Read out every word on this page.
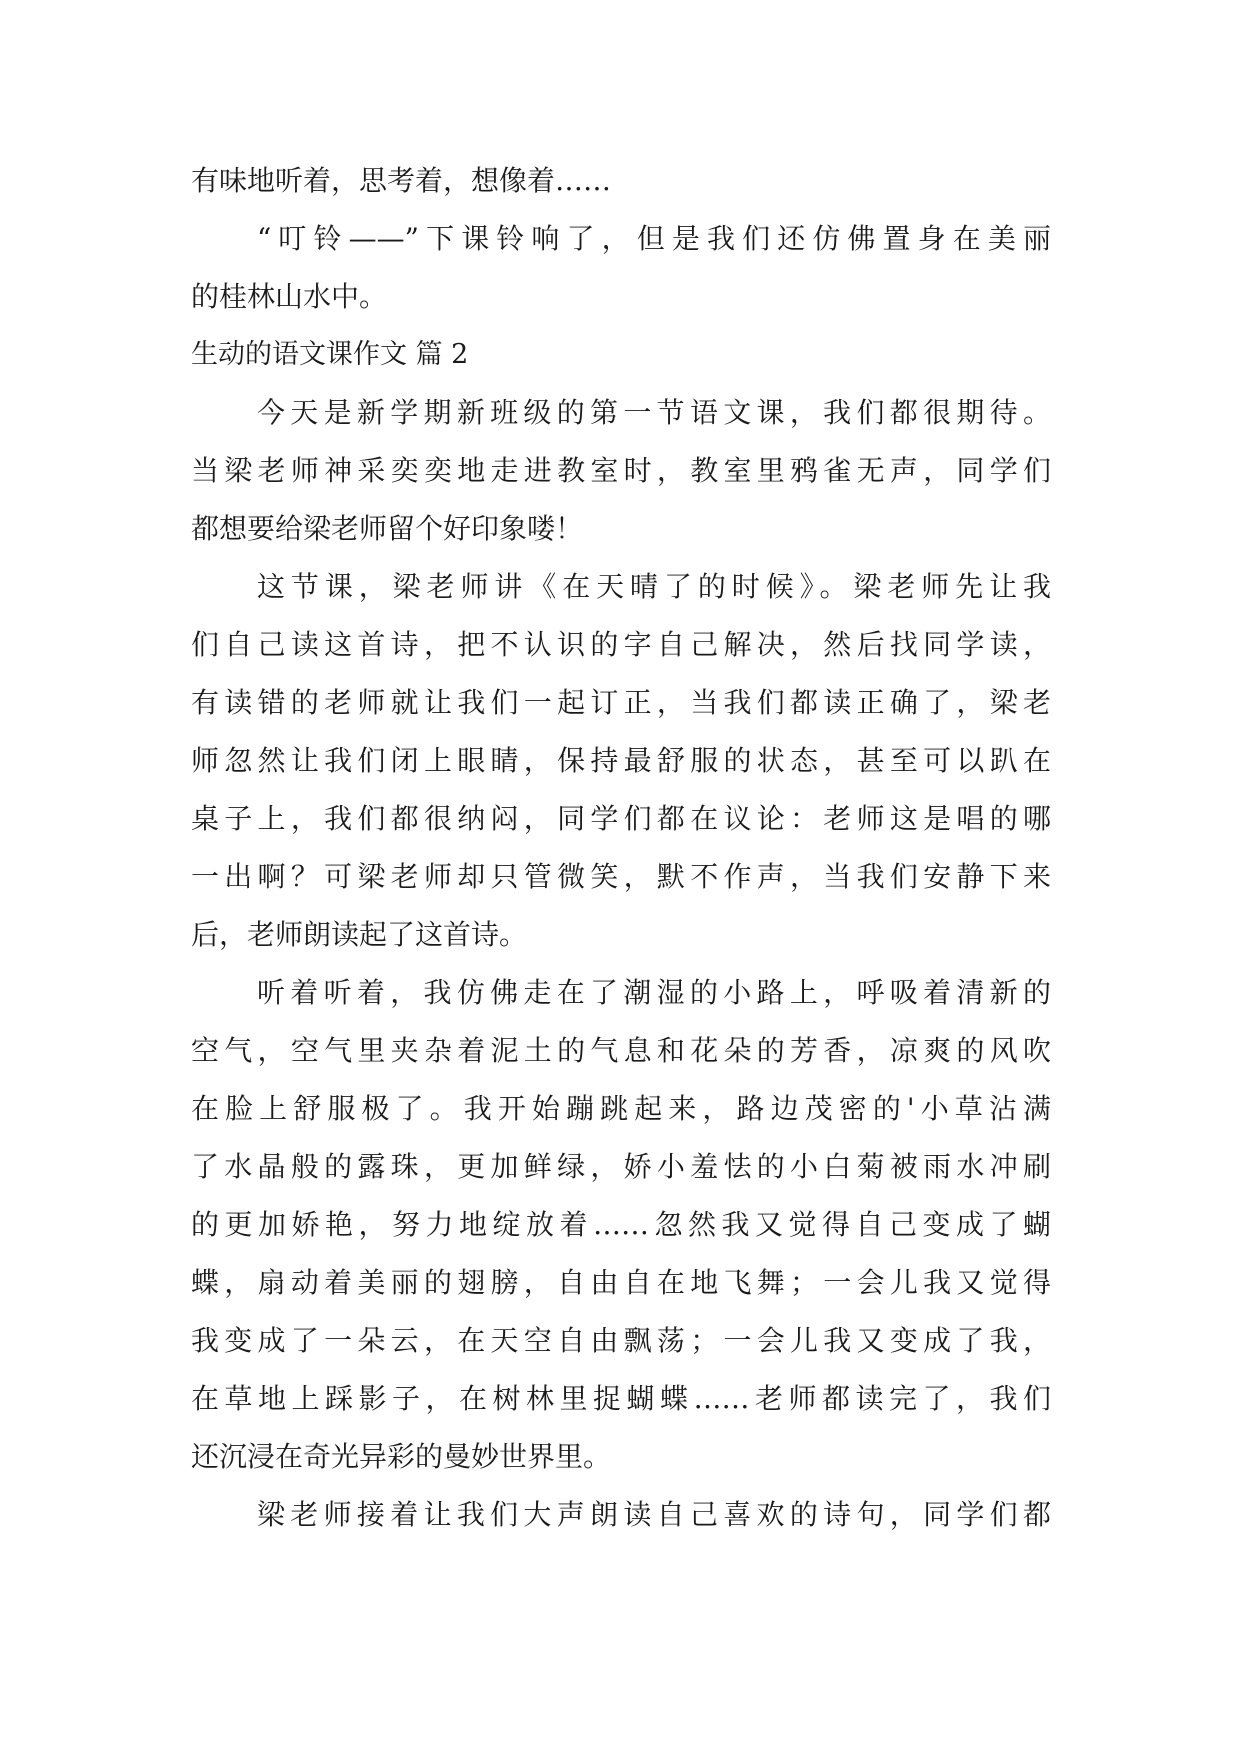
有味地听着，思考着，想像着……
“叮铃——”下课铃响了，但是我们还仿佛置身在美丽
的桂林山水中。
生动的语文课作文 篇 2
今天是新学期新班级的第一节语文课，我们都很期待。
当梁老师神采奕奕地走进教室时，教室里鸦雀无声，同学们
都想要给梁老师留个好印象喽！
这节课，梁老师讲《在天晴了的时候》。梁老师先让我
们自己读这首诗，把不认识的字自己解决，然后找同学读，
有读错的老师就让我们一起订正，当我们都读正确了，梁老
师忽然让我们闭上眼睛，保持最舒服的状态，甚至可以趴在
桌子上，我们都很纳闷，同学们都在议论：老师这是唱的哪
一出啊？可梁老师却只管微笑，默不作声，当我们安静下来
后，老师朗读起了这首诗。
听着听着，我仿佛走在了潮湿的小路上，呼吸着清新的
空气，空气里夹杂着泥土的气息和花朵的芳香，凉爽的风吹
在脸上舒服极了。我开始蹦跳起来，路边茂密的'小草沾满
了水晶般的露珠，更加鲜绿，娇小羞怯的小白菊被雨水冲刷
的更加娇艳，努力地绽放着……忽然我又觉得自己变成了蝴
蝶，扇动着美丽的翅膀，自由自在地飞舞；一会儿我又觉得
我变成了一朵云，在天空自由飘荡；一会儿我又变成了我，
在草地上踩影子，在树林里捉蝴蝶……老师都读完了，我们
还沉浸在奇光异彩的曼妙世界里。
梁老师接着让我们大声朗读自己喜欢的诗句，同学们都
